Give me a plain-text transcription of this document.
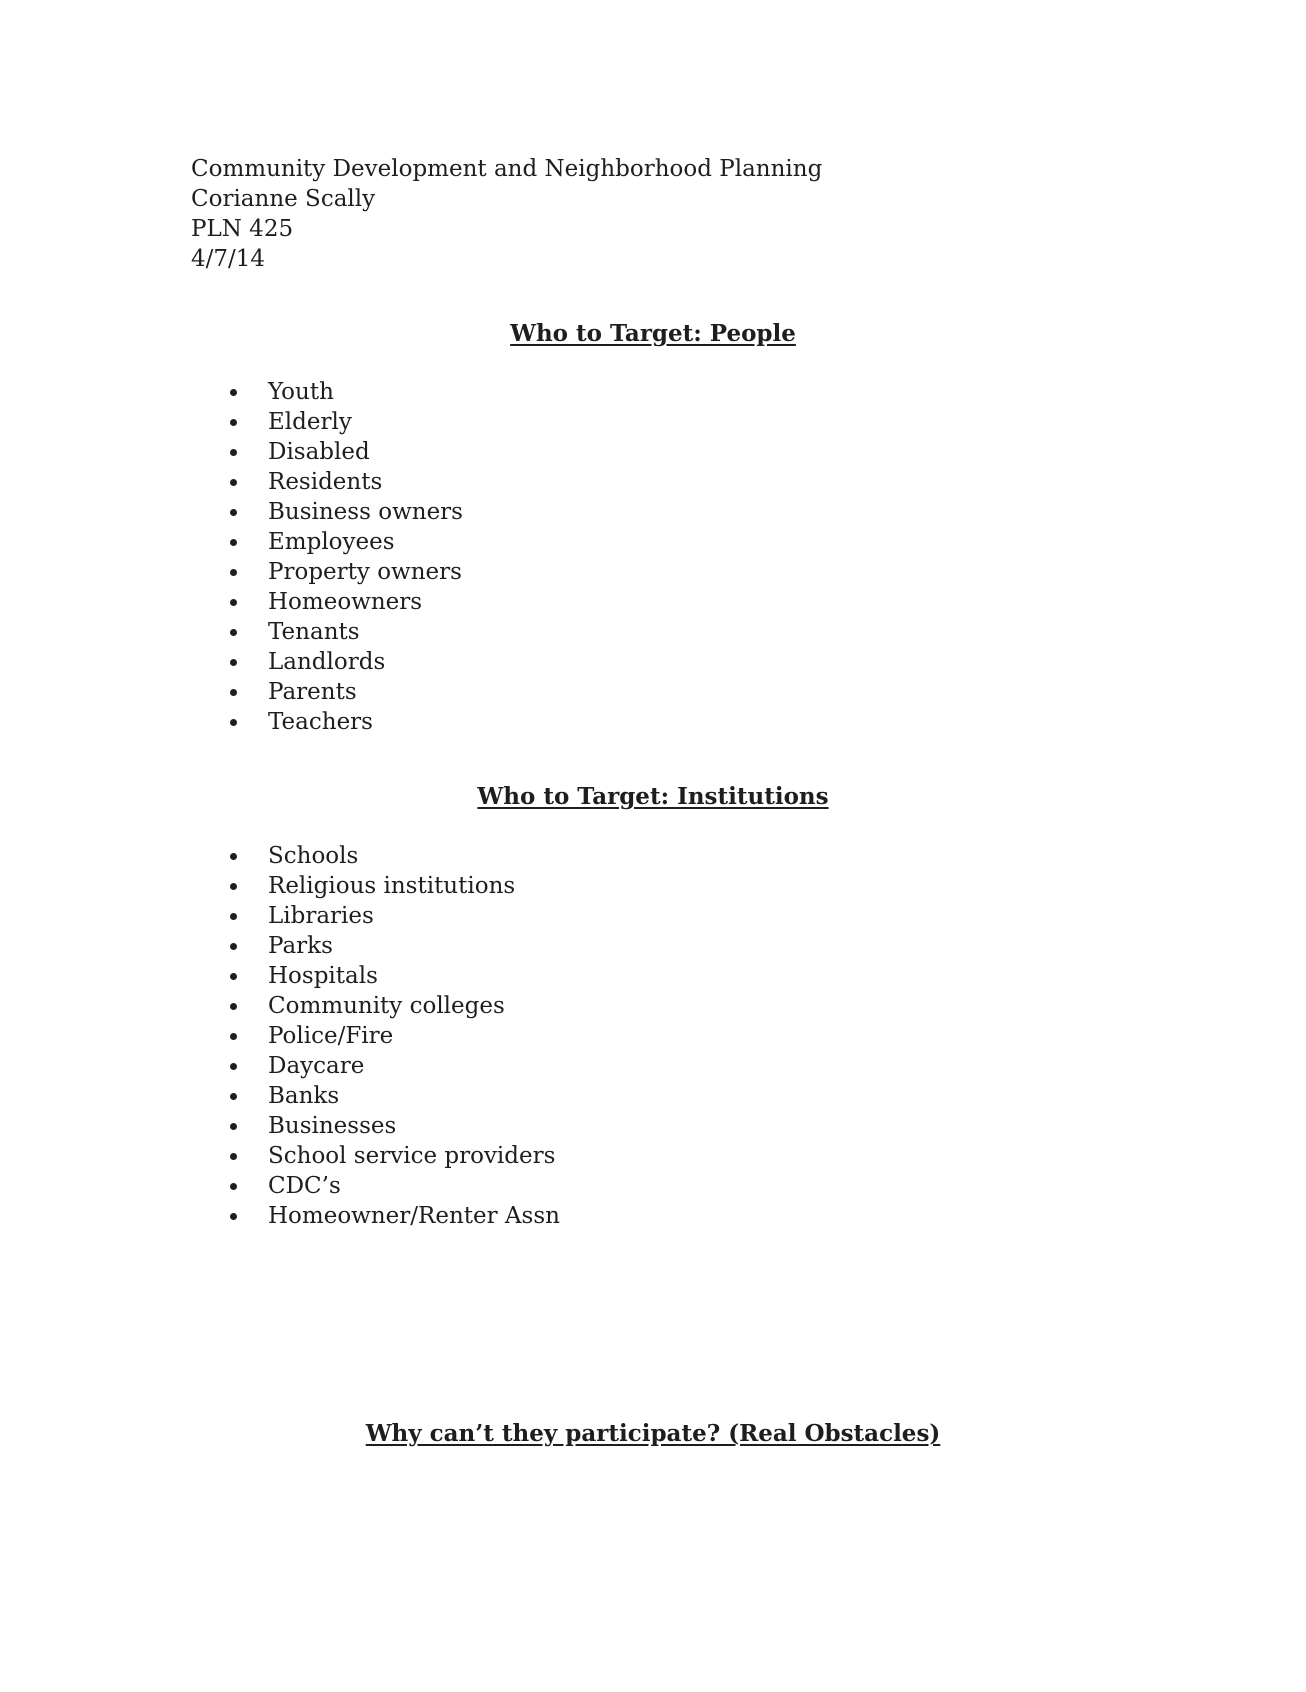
Community Development and Neighborhood Planning
Corianne Scally
PLN 425
4/7/14
Who to Target: People
Youth
Elderly
Disabled
Residents
Business owners
Employees
Property owners
Homeowners
Tenants
Landlords
Parents
Teachers
Who to Target: Institutions
Schools
Religious institutions
Libraries
Parks
Hospitals
Community colleges
Police/Fire
Daycare
Banks
Businesses
School service providers
CDC’s
Homeowner/Renter Assn
Why can’t they participate? (Real Obstacles)
